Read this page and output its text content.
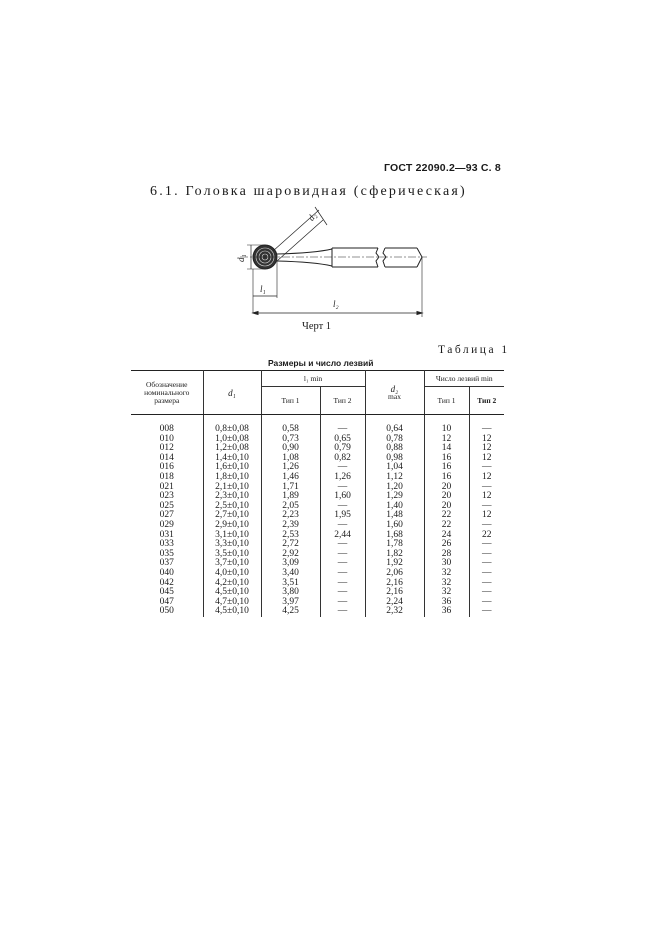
ГОСТ 22090.2—93 С. 8
6.1. Головка шаровидная (сферическая)
d₁
d₂
l₁
l₂
Черт 1
Таблица 1
Размеры и число лезвий
Обозначение номинального размера	d₁	l₁ min		d₂
max	Число лезвий min	
		Тип 1	Тип 2		Тип 1	Тип 2

008	0,8±0,08	0,58	—	0,64	10	—
010	1,0±0,08	0,73	0,65	0,78	12	12
012	1,2±0,08	0,90	0,79	0,88	14	12
014	1,4±0,10	1,08	0,82	0,98	16	12
016	1,6±0,10	1,26	—	1,04	16	—
018	1,8±0,10	1,46	1,26	1,12	16	12
021	2,1±0,10	1,71	—	1,20	20	—
023	2,3±0,10	1,89	1,60	1,29	20	12
025	2,5±0,10	2,05	—	1,40	20	—
027	2,7±0,10	2,23	1,95	1,48	22	12
029	2,9±0,10	2,39	—	1,60	22	—
031	3,1±0,10	2,53	2,44	1,68	24	22
033	3,3±0,10	2,72	—	1,78	26	—
035	3,5±0,10	2,92	—	1,82	28	—
037	3,7±0,10	3,09	—	1,92	30	—
040	4,0±0,10	3,40	—	2,06	32	—
042	4,2±0,10	3,51	—	2,16	32	—
045	4,5±0,10	3,80	—	2,16	32	—
047	4,7±0,10	3,97	—	2,24	36	—
050	4,5±0,10	4,25	—	2,32	36	—
